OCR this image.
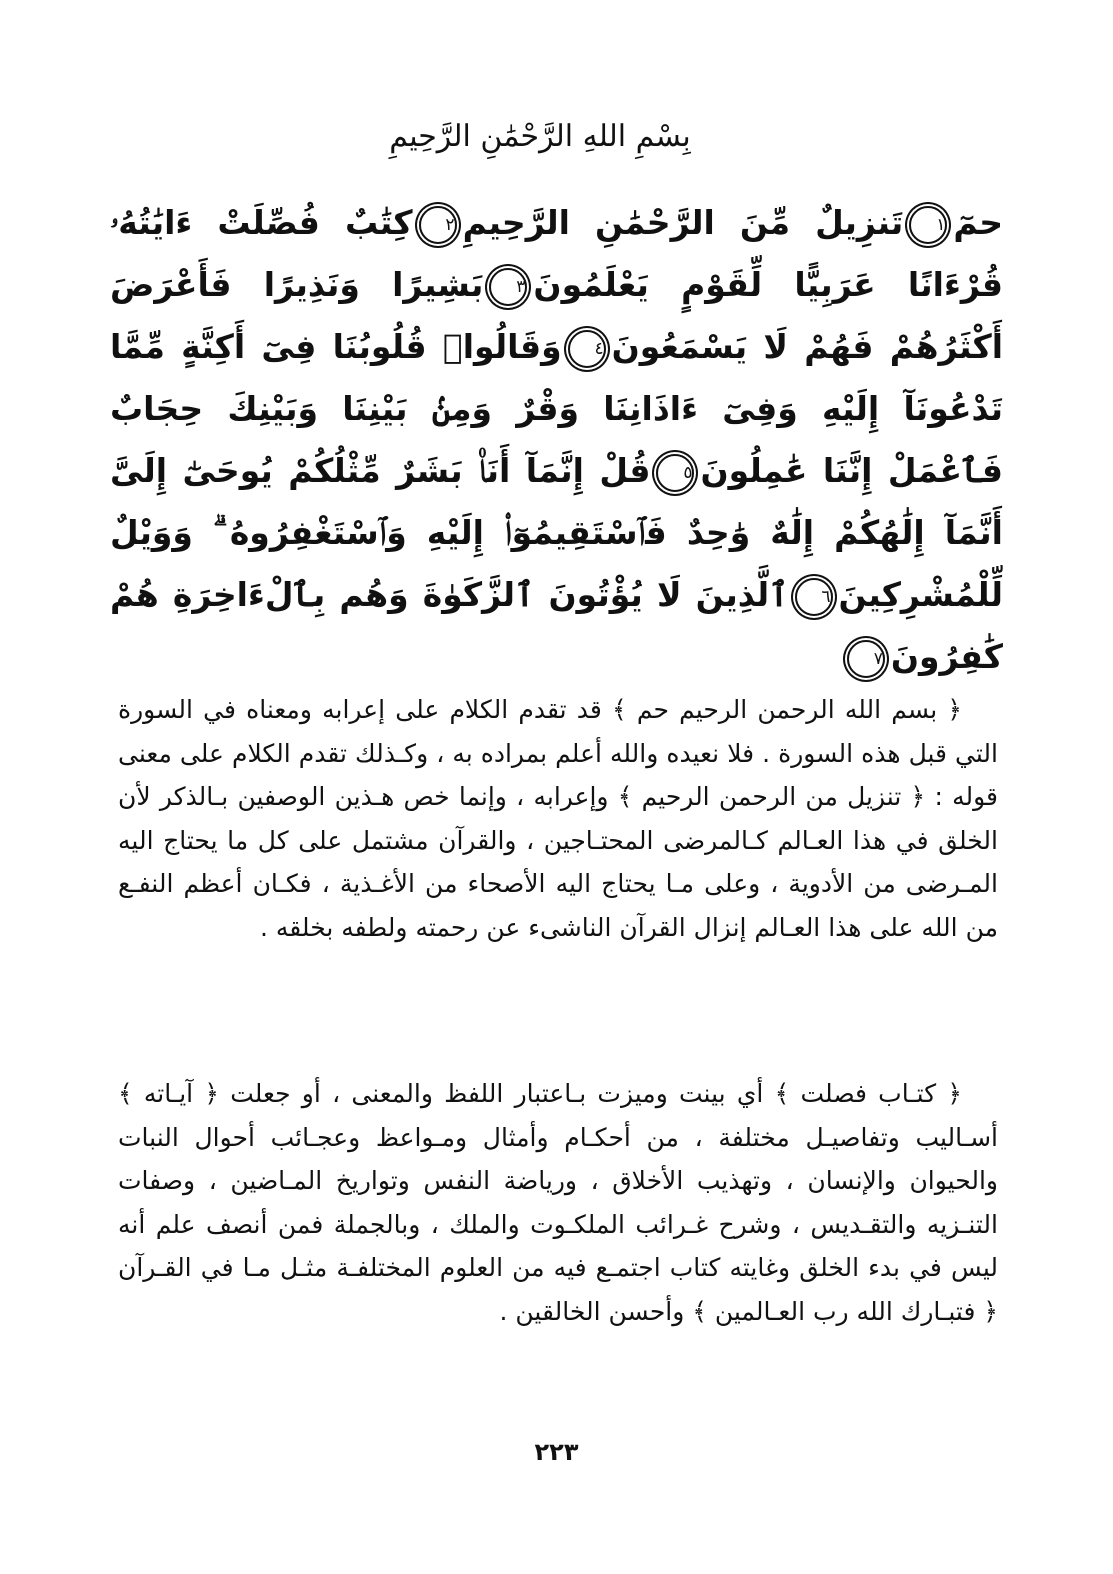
بِسْمِ اللهِ الرَّحْمَٰنِ الرَّحِيمِ
حمٓ١تَنزِيلٌ مِّنَ الرَّحْمَٰنِ الرَّحِيمِ٢كِتَٰبٌ فُصِّلَتْ ءَايَٰتُهُۥ قُرْءَانًا عَرَبِيًّا لِّقَوْمٍ يَعْلَمُونَ٣بَشِيرًا وَنَذِيرًا فَأَعْرَضَ أَكْثَرُهُمْ فَهُمْ لَا يَسْمَعُونَ٤وَقَالُوا۟ قُلُوبُنَا فِىٓ أَكِنَّةٍ مِّمَّا تَدْعُونَآ إِلَيْهِ وَفِىٓ ءَاذَانِنَا وَقْرٌ وَمِنۢ بَيْنِنَا وَبَيْنِكَ حِجَابٌ فَٱعْمَلْ إِنَّنَا عَٰمِلُونَ٥قُلْ إِنَّمَآ أَنَا۠ بَشَرٌ مِّثْلُكُمْ يُوحَىٰٓ إِلَىَّ أَنَّمَآ إِلَٰهُكُمْ إِلَٰهٌ وَٰحِدٌ فَٱسْتَقِيمُوٓا۟ إِلَيْهِ وَٱسْتَغْفِرُوهُ ۗ وَوَيْلٌ لِّلْمُشْرِكِينَ٦ٱلَّذِينَ لَا يُؤْتُونَ ٱلزَّكَوٰةَ وَهُم بِٱلْءَاخِرَةِ هُمْ كَٰفِرُونَ٧
﴿ بسم الله الرحمن الرحيم حم ﴾ قد تقدم الكلام على إعرابه ومعناه في السورة التي قبل هذه السورة . فلا نعيده والله أعلم بمراده به ، وكـذلك تقدم الكلام على معنى قوله : ﴿ تنزيل من الرحمن الرحيم ﴾ وإعرابه ، وإنما خص هـذين الوصفين بـالذكر لأن الخلق في هذا العـالم كـالمرضى المحتـاجين ، والقرآن مشتمل على كل ما يحتاج اليه المـرضى من الأدوية ، وعلى مـا يحتاج اليه الأصحاء من الأغـذية ، فكـان أعظم النفـع من الله على هذا العـالم إنزال القرآن الناشىء عن رحمته ولطفه بخلقه .
﴿ كتـاب فصلت ﴾ أي بينت وميزت بـاعتبار اللفظ والمعنى ، أو جعلت ﴿ آيـاته ﴾ أسـاليب وتفاصيـل مختلفة ، من أحكـام وأمثال ومـواعظ وعجـائب أحوال النبات والحيوان والإنسان ، وتهذيب الأخلاق ، ورياضة النفس وتواريخ المـاضين ، وصفات التنـزيه والتقـديس ، وشرح غـرائب الملكـوت والملك ، وبالجملة فمن أنصف علم أنه ليس في بدء الخلق وغايته كتاب اجتمـع فيه من العلوم المختلفـة مثـل مـا في القـرآن ﴿ فتبـارك الله رب العـالمين ﴾ وأحسن الخالقين .
٢٢٣
